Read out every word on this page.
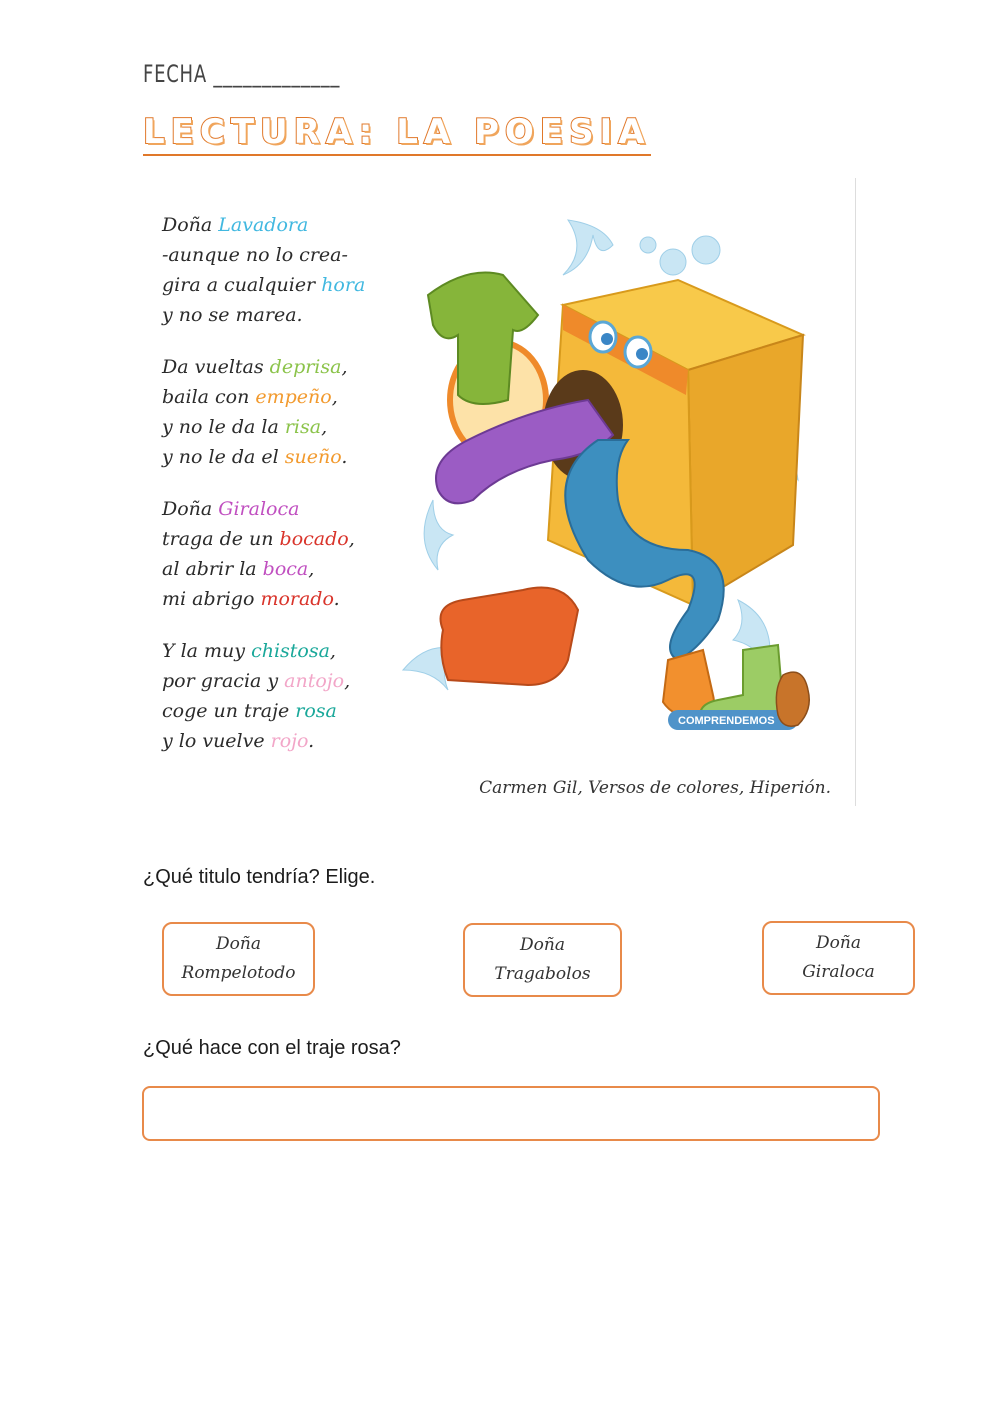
FECHA _____________
LECTURA: LA POESIA
Doña Lavadora
-aunque no lo crea-
gira a cualquier hora
y no se marea.
Da vueltas deprisa,
baila con empeño,
y no le da la risa,
y no le da el sueño.
Doña Giraloca
traga de un bocado,
al abrir la boca,
mi abrigo morado.
Y la muy chistosa,
por gracia y antojo,
coge un traje rosa
y lo vuelve rojo.
COMPRENDEMOS
Carmen Gil, Versos de colores, Hiperión.
¿Qué titulo tendría? Elige.
Doña
Rompelotodo
Doña
Tragabolos
Doña
Giraloca
¿Qué hace con el traje rosa?
